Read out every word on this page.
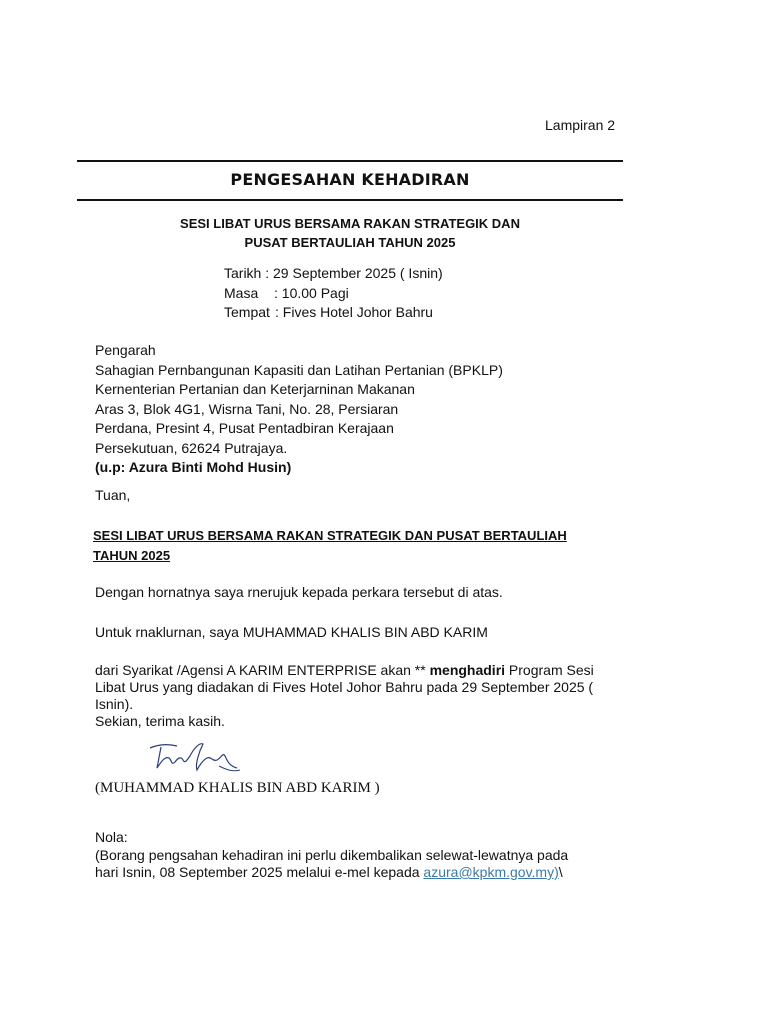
Lampiran 2
PENGESAHAN KEHADIRAN
SESI LIBAT URUS BERSAMA RAKAN STRATEGIK DAN
PUSAT BERTAULIAH TAHUN 2025
Tarikh : 29 September 2025 ( Isnin)
Masa : 10.00 Pagi
Tempat : Fives Hotel Johor Bahru
Pengarah
Sahagian Pernbangunan Kapasiti dan Latihan Pertanian (BPKLP)
Kernenterian Pertanian dan Keterjarninan Makanan
Aras 3, Blok 4G1, Wisrna Tani, No. 28, Persiaran
Perdana, Presint 4, Pusat Pentadbiran Kerajaan
Persekutuan, 62624 Putrajaya.
(u.p: Azura Binti Mohd Husin)
Tuan,
SESI LIBAT URUS BERSAMA RAKAN STRATEGIK DAN PUSAT BERTAULIAH
TAHUN 2025
Dengan hornatnya saya rnerujuk kepada perkara tersebut di atas.
Untuk rnaklurnan, saya MUHAMMAD KHALIS BIN ABD KARIM
dari Syarikat /Agensi A KARIM ENTERPRISE akan ** menghadiri Program Sesi
Libat Urus yang diadakan di Fives Hotel Johor Bahru pada 29 September 2025 (
Isnin).
Sekian, terima kasih.
(MUHAMMAD KHALIS BIN ABD KARIM )
Nola:
(Borang pengsahan kehadiran ini perlu dikembalikan selewat-lewatnya pada
hari Isnin, 08 September 2025 melalui e-mel kepada azura@kpkm.gov.my)\
